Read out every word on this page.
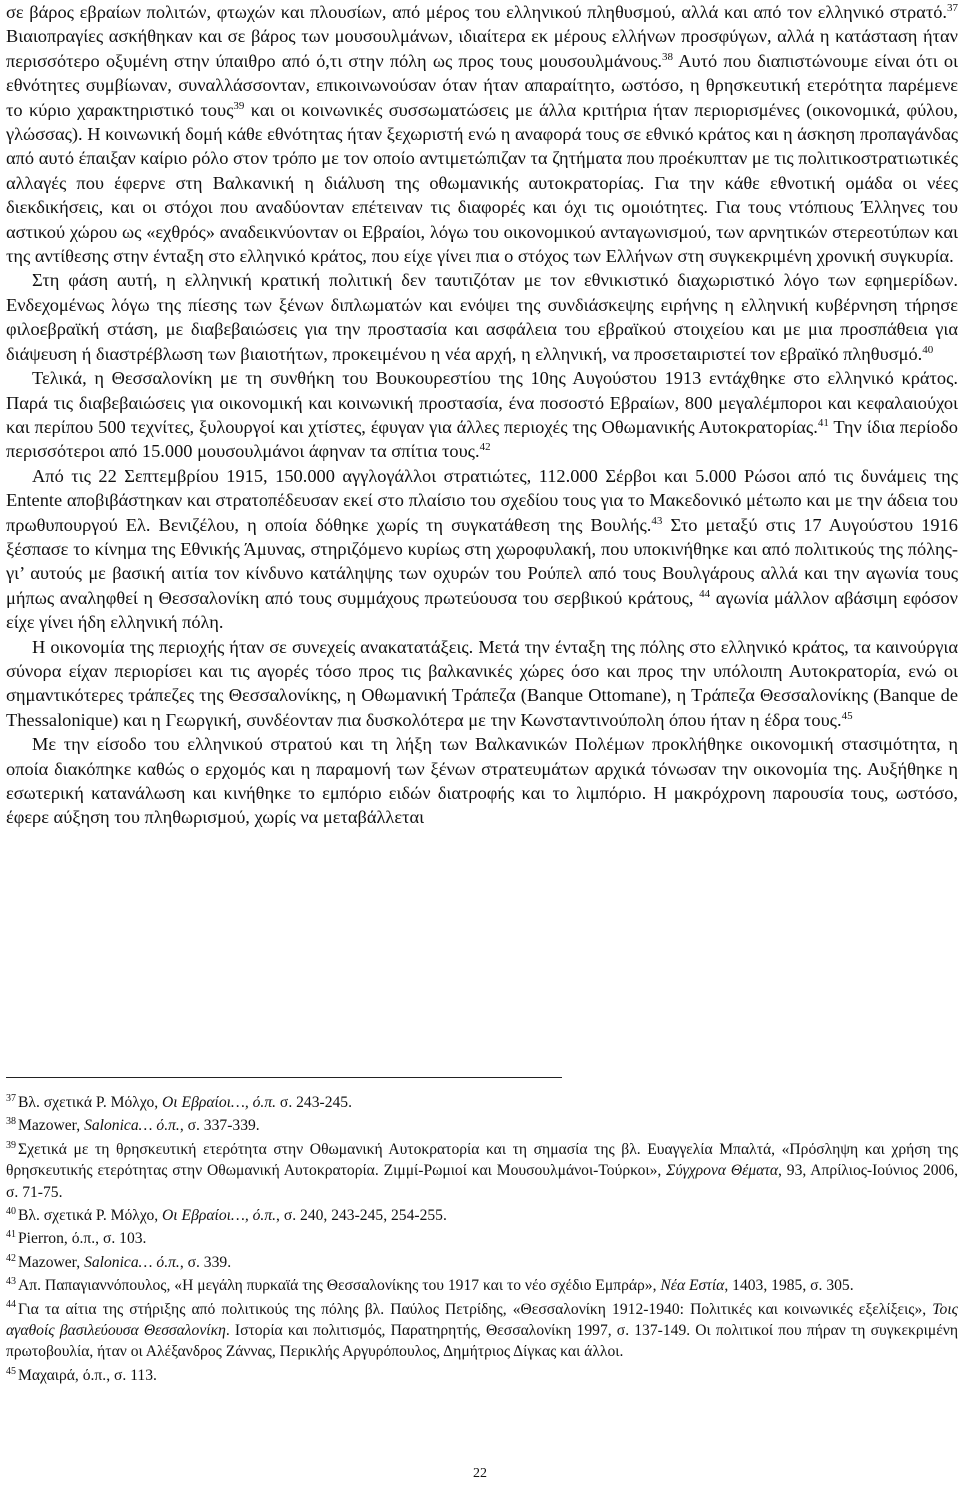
σε βάρος εβραίων πολιτών, φτωχών και πλουσίων, από μέρος του ελληνικού πληθυσμού, αλλά και από τον ελληνικό στρατό.$^{37}$ Βιαιοπραγίες ασκήθηκαν και σε βάρος των μουσουλμάνων, ιδιαίτερα εκ μέρους ελλήνων προσφύγων, αλλά η κατάσταση ήταν περισσότερο οξυμένη στην ύπαιθρο από ό,τι στην πόλη ως προς τους μουσουλμάνους.$^{38}$ Αυτό που διαπιστώνουμε είναι ότι οι εθνότητες συμβίωναν, συναλλάσσονταν, επικοινωνούσαν όταν ήταν απαραίτητο, ωστόσο, η θρησκευτική ετερότητα παρέμενε το κύριο χαρακτηριστικό τους$^{39}$ και οι κοινωνικές συσσωματώσεις με άλλα κριτήρια ήταν περιορισμένες (οικονομικά, φύλου, γλώσσας). Η κοινωνική δομή κάθε εθνότητας ήταν ξεχωριστή ενώ η αναφορά τους σε εθνικό κράτος και η άσκηση προπαγάνδας από αυτό έπαιξαν καίριο ρόλο στον τρόπο με τον οποίο αντιμετώπιζαν τα ζητήματα που προέκυπταν με τις πολιτικοστρατιωτικές αλλαγές που έφερνε στη Βαλκανική η διάλυση της οθωμανικής αυτοκρατορίας. Για την κάθε εθνοτική ομάδα οι νέες διεκδικήσεις, και οι στόχοι που αναδύονταν επέτειναν τις διαφορές και όχι τις ομοιότητες. Για τους ντόπιους Έλληνες του αστικού χώρου ως «εχθρός» αναδεικνύονταν οι Εβραίοι, λόγω του οικονομικού ανταγωνισμού, των αρνητικών στερεοτύπων και της αντίθεσης στην ένταξη στο ελληνικό κράτος, που είχε γίνει πια ο στόχος των Ελλήνων στη συγκεκριμένη χρονική συγκυρία.

Στη φάση αυτή, η ελληνική κρατική πολιτική δεν ταυτιζόταν με τον εθνικιστικό διαχωριστικό λόγο των εφημερίδων. Ενδεχομένως λόγω της πίεσης των ξένων διπλωματών και ενόψει της συνδιάσκεψης ειρήνης η ελληνική κυβέρνηση τήρησε φιλοεβραϊκή στάση, με διαβεβαιώσεις για την προστασία και ασφάλεια του εβραϊκού στοιχείου και με μια προσπάθεια για διάψευση ή διαστρέβλωση των βιαιοτήτων, προκειμένου η νέα αρχή, η ελληνική, να προσεταιριστεί τον εβραϊκό πληθυσμό.$^{40}$

Τελικά, η Θεσσαλονίκη με τη συνθήκη του Βουκουρεστίου της 10ης Αυγούστου 1913 εντάχθηκε στο ελληνικό κράτος. Παρά τις διαβεβαιώσεις για οικονομική και κοινωνική προστασία, ένα ποσοστό Εβραίων, 800 μεγαλέμποροι και κεφαλαιούχοι και περίπου 500 τεχνίτες, ξυλουργοί και χτίστες, έφυγαν για άλλες περιοχές της Οθωμανικής Αυτοκρατορίας.$^{41}$ Την ίδια περίοδο περισσότεροι από 15.000 μουσουλμάνοι άφηναν τα σπίτια τους.$^{42}$

Από τις 22 Σεπτεμβρίου 1915, 150.000 αγγλογάλλοι στρατιώτες, 112.000 Σέρβοι και 5.000 Ρώσοι από τις δυνάμεις της Entente αποβιβάστηκαν και στρατοπέδευσαν εκεί στο πλαίσιο του σχεδίου τους για το Μακεδονικό μέτωπο και με την άδεια του πρωθυπουργού Ελ. Βενιζέλου, η οποία δόθηκε χωρίς τη συγκατάθεση της Βουλής.$^{43}$ Στο μεταξύ στις 17 Αυγούστου 1916 ξέσπασε το κίνημα της Εθνικής Άμυνας, στηριζόμενο κυρίως στη χωροφυλακή, που υποκινήθηκε και από πολιτικούς της πόλης-γι’ αυτούς με βασική αιτία τον κίνδυνο κατάληψης των οχυρών του Ρούπελ από τους Βουλγάρους αλλά και την αγωνία τους μήπως αναληφθεί η Θεσσαλονίκη από τους συμμάχους πρωτεύουσα του σερβικού κράτους, $^{44}$ αγωνία μάλλον αβάσιμη εφόσον είχε γίνει ήδη ελληνική πόλη.

Η οικονομία της περιοχής ήταν σε συνεχείς ανακατατάξεις. Μετά την ένταξη της πόλης στο ελληνικό κράτος, τα καινούργια σύνορα είχαν περιορίσει και τις αγορές τόσο προς τις βαλκανικές χώρες όσο και προς την υπόλοιπη Αυτοκρατορία, ενώ οι σημαντικότερες τράπεζες της Θεσσαλονίκης, η Οθωμανική Τράπεζα (Banque Ottomane), η Τράπεζα Θεσσαλονίκης (Banque de Thessalonique) και η Γεωργική, συνδέονταν πια δυσκολότερα με την Κωνσταντινούπολη όπου ήταν η έδρα τους.$^{45}$

Με την είσοδο του ελληνικού στρατού και τη λήξη των Βαλκανικών Πολέμων προκλήθηκε οικονομική στασιμότητα, η οποία διακόπηκε καθώς ο ερχομός και η παραμονή των ξένων στρατευμάτων αρχικά τόνωσαν την οικονομία της. Αυξήθηκε η εσωτερική κατανάλωση και κινήθηκε το εμπόριο ειδών διατροφής και το λιμπόριο. Η μακρόχρονη παρουσία τους, ωστόσο, έφερε αύξηση του πληθωρισμού, χωρίς να μεταβάλλεται

$^{37}$ Βλ. σχετικά Ρ. Μόλχο, Οι Εβραίοι…, ό.π. σ. 243-245.

$^{38}$ Mazower, Salonica… ό.π., σ. 337-339.

$^{39}$ Σχετικά με τη θρησκευτική ετερότητα στην Οθωμανική Αυτοκρατορία και τη σημασία της βλ. Ευαγγελία Μπαλτά, «Πρόσληψη και χρήση της θρησκευτικής ετερότητας στην Οθωμανική Αυτοκρατορία. Ζιμμί-Ρωμιοί και Μουσουλμάνοι-Τούρκοι», Σύγχρονα Θέματα, 93, Απρίλιος-Ιούνιος 2006, σ. 71-75.

$^{40}$ Βλ. σχετικά Ρ. Μόλχο, Οι Εβραίοι…, ό.π., σ. 240, 243-245, 254-255.

$^{41}$ Pierron, ό.π., σ. 103.

$^{42}$ Mazower, Salonica… ό.π., σ. 339.

$^{43}$ Απ. Παπαγιαννόπουλος, «Η μεγάλη πυρκαϊά της Θεσσαλονίκης του 1917 και το νέο σχέδιο Εμπράρ», Νέα Εστία, 1403, 1985, σ. 305.

$^{44}$ Για τα αίτια της στήριξης από πολιτικούς της πόλης βλ. Παύλος Πετρίδης, «Θεσσαλονίκη 1912-1940: Πολιτικές και κοινωνικές εξελίξεις», Τοις αγαθοίς βασιλεύουσα Θεσσαλονίκη. Ιστορία και πολιτισμός, Παρατηρητής, Θεσσαλονίκη 1997, σ. 137-149. Οι πολιτικοί που πήραν τη συγκεκριμένη πρωτοβουλία, ήταν οι Αλέξανδρος Ζάννας, Περικλής Αργυρόπουλος, Δημήτριος Δίγκας και άλλοι.

$^{45}$ Μαχαιρά, ό.π., σ. 113.

22
